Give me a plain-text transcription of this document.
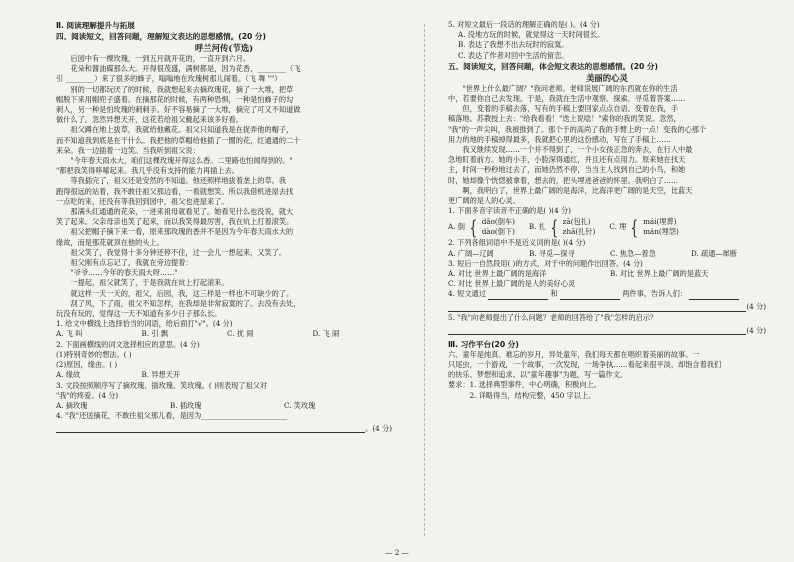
Ⅱ. 阅读理解提升与拓展
四、阅读短文，回答问题，理解短文表达的思想感情。(20 分)
呼兰河传(节选)
　　后园中有一棵玫瑰，一到五月就开花的，一直开到六月。
　　花朵和酱油碟那么大。开得很茂盛，满树都是，因为花香，________（飞
引 ________）来了很多的蜂子，嗡嗡地在玫瑰树那儿闹着。（飞 舞 ""）
　　别的一切都玩厌了的时候，我就想起来去摘玫瑰花，摘了一大堆，把草
帽脱下来用帽兜子盛着。在摘那花的时候，有两种恐惧，一种是怕蜂子的勾
刺人，另一种是怕玫瑰的刺刺手。好不容易摘了一大堆，摘完了可又不知道做
做什么了。忽然异想天开，这花若给祖父戴起来该多好看。
　　祖父蹲在地上拔草，我就给他戴花。祖父只知道我是在捉弄他的帽子，
而不知道我到底是在干什么。我把他的草帽给他插了一圈的花，红通通的二十
来朵。我一边插着一边笑。当我听到祖父说：
　　"今年春天雨水大，咱们这棵玫瑰开得这么香。二里路也怕闻得到的。"
"都把我笑得哆嗦起来。我几乎没有支持的能力再插上去。
　　等我插完了，祖父还是安然的不知道。他还照样地拔着垄上的草。我
跑得很远的站着，我不敢往祖父那边看，一看就想笑。所以我借机进屋去找
一点吃的来，还没有等我回到园中，祖父也进屋来了。
　　那满头红通通的花朵，一进来祖母就看见了。她看见什么也没说，就大
笑了起来。父亲母亲也笑了起来，而以我笑得最厉害，我在炕上打着滚笑。
　　祖父把帽子摘下来一看，原来那玫瑰的香并不是因为今年春天雨水大的
缘故，而是那花就顶在他的头上。
　　祖父笑了，我觉得十多分钟还停不住，过一会儿一想起来，又笑了。
　　祖父刚有点忘记了，我就在旁边提着：
　　"爷爷……今年的春天雨大呀……"
　　一提起，祖父就笑了，于是我就在炕上打起滚来。
　　就这样一天一天的，祖父，后园，我，这三样是一样也不可缺少的了。
　　刮了风，下了雨，祖父不知怎样，在我却是非常寂寞的了。去没有去处，
玩没有玩的，觉得这一天不知道有多少日子那么长。
1. 给文中横线上选择恰当的词语，给后面打"√"。(4 分)
A. 飞 叫	B. 引 飘	C. 扰 闹	D. 飞 闹
2. 下面画横线的词文选择相应的意思。(4 分)
(1)特别奇妙的想法。( )
(2)原因，缘由。( )
A. 缘故	B. 异想天开
3. 文段按照顺序写了摘玫瑰、插玫瑰、笑玫瑰。( )则表现了祖父对
"我"的疼爱。(4 分)
A. 摘玫瑰	B. 插玫瑰	C. 笑玫瑰
4. "我"还送摘花，不敢往祖父那儿看，是因为________________________
。(4 分)
5. 对短文最后一段话的理解正确的是( )。(4 分)
A. 没地方玩的时候，就觉得这一天时间很长。
B. 表达了我想不出去玩时的寂寞。
C. 表达了作者对回中生活的留恋。
五、阅读短文，回答问题，体会短文表达的思想感情。(20 分)
美丽的心灵
　　"世界上什么最广阔？"我问老师。老师说展广阔的东西就在你的生活
中，若要你自己去发现。于是，我就在生活中观察、探索，寻觅着答案……
　　但，变着的手稿去落，写有的手稿上要回家点点自语。变着在我，手
稿落地。苏教授上去："给我看看！"迭上说唸！"索你的我的笑说。忽然，
"我"的一声尖叫，我被推到了。那个于的高尚了我的手臂上的一点！变我的心那个
用力的地的手稿掉得最多，我就把心里的这份感动，写在了手稿上……
　　我又继续发现……一个并不得到了，一个小女孩正急的奔去，在行人中最
急地盯着前方。她的小手，小脸深得通红，并且还有点用力。原来她在找天
主，时间一秒秒地过去了，而她仍然不停，当当主人找到自己的小鸟，和她
时，她却像个恍惚被拿着，想去的，把头埋进爸爸的怀里。我明白了……
　　啊，我明白了，世界上最广阔的是海洋，比海洋更广阔的是天空，比蓝天
更广阔的是人的心灵。
1. 下面多音字读音不正确的是( )(4 分)
A. 倒 { dǎo(倒车)
dào(倒下)
B. 扎 { zā(包扎)
zhā(扎针)
C. 埋 { mái(埋葬)
mán(埋怨)
2. 下列各组词语中不是近义词的是( )(4 分)
A. 广阔—辽阔	B. 寻觅—探寻	C. 焦急—着急	D. 疏通—犀断
3. 短后一自然段用( )的方式，对于中的问题作出回答。(4 分)
A. 对比 世界上最广阔的是海洋	B. 对比 世界上最广阔的是蓝天
C. 对比 世界上最广阔的是人的美好心灵
4. 短文通过	和	两件事，告诉人们：
(4 分)
5. "我"向老师提出了什么问题？老师的回答给了"我"怎样的启示？
(4 分)
Ⅲ. 习作平台(20 分)
六、童年是纯真、难忘的岁月，异处童年，我们每天都在唱织着美丽的故事。一
只尾虫，一个游戏，一个故事，一次发现，一场争执……看起来很平淡，却饱含着我们
的快乐、梦想和追求。以"童年趣事"为题，写一篇作文。
要求：1. 选择典型事件，中心明确，积极向上。
　　　2. 详略得当，结构完整，450 字以上。
— 2 —
